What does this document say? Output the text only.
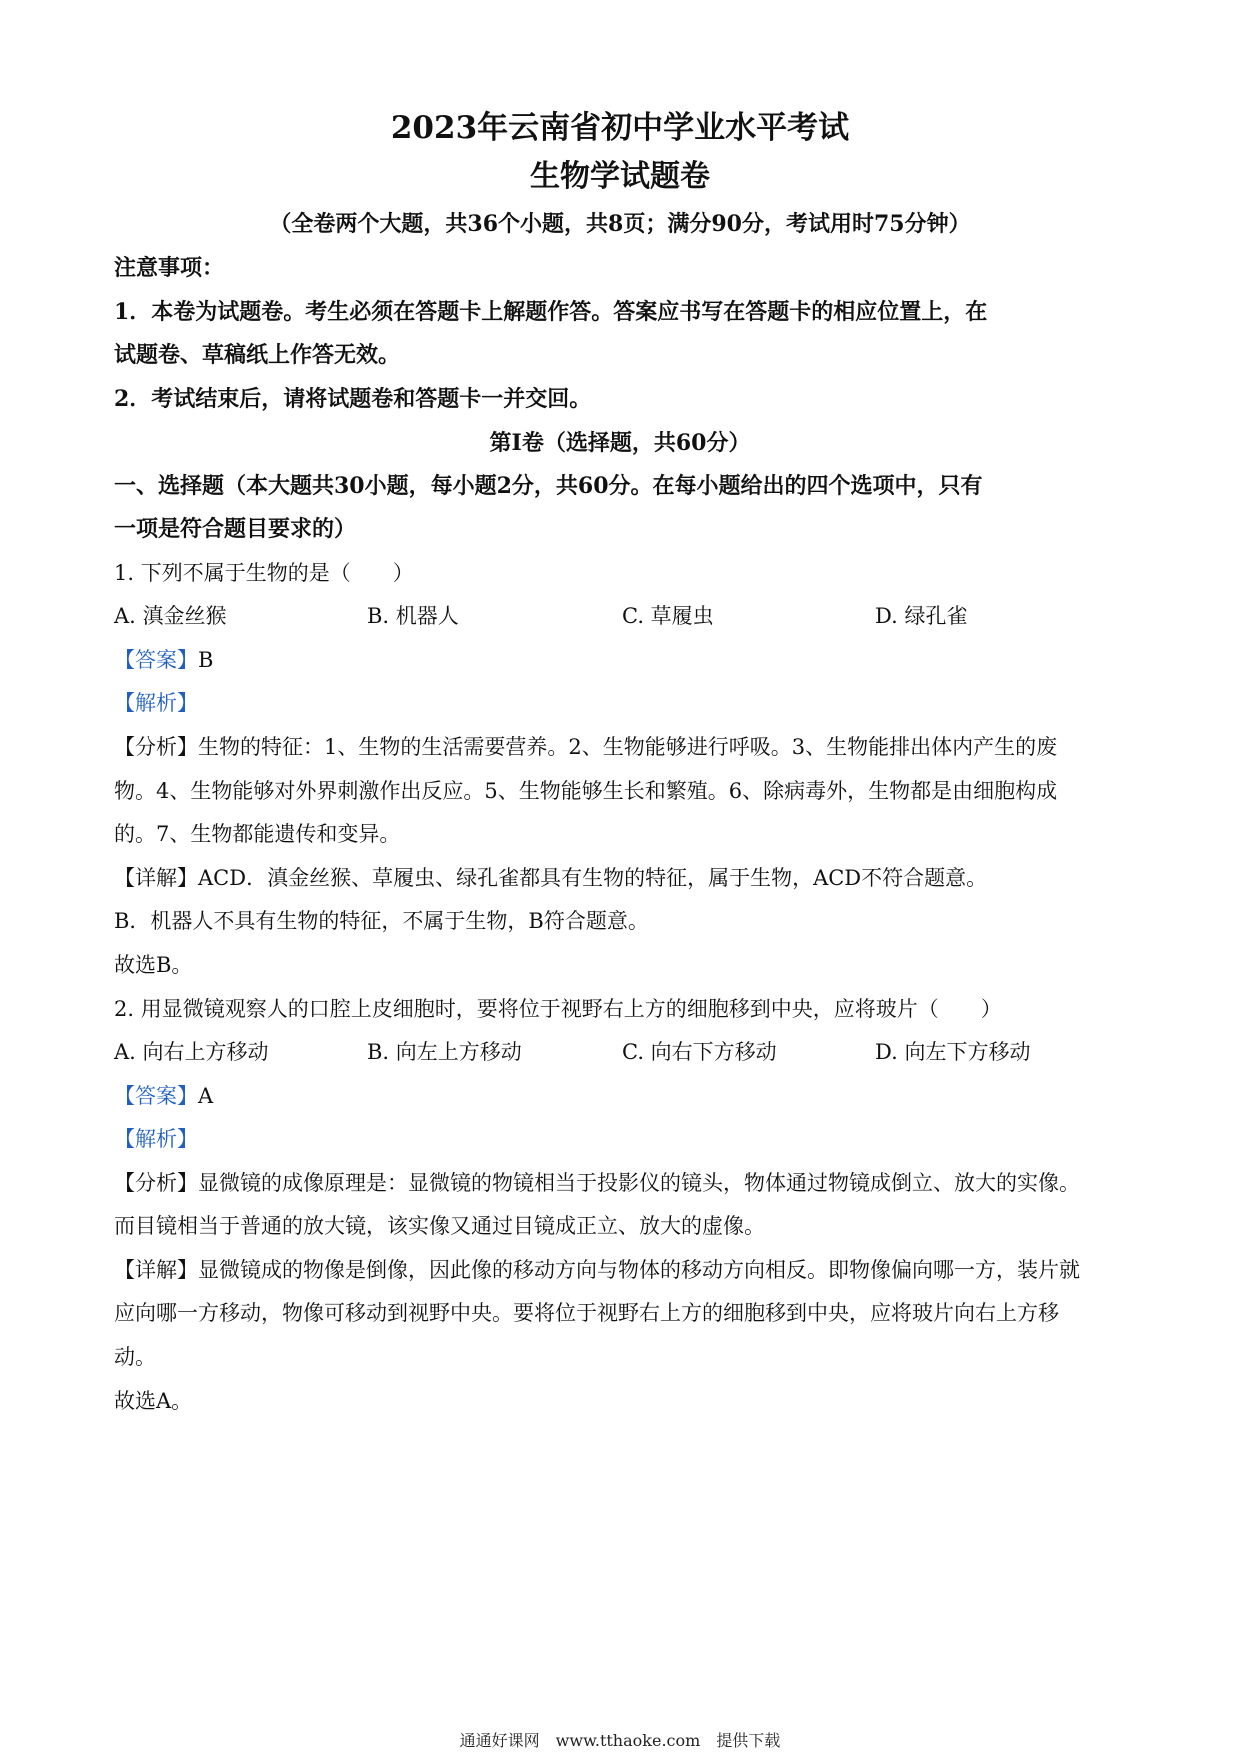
2023年云南省初中学业水平考试
生物学试题卷
（全卷两个大题，共36个小题，共8页；满分90分，考试用时75分钟）
注意事项：
1．本卷为试题卷。考生必须在答题卡上解题作答。答案应书写在答题卡的相应位置上，在
试题卷、草稿纸上作答无效。
2．考试结束后，请将试题卷和答题卡一并交回。
第I卷（选择题，共60分）
一、选择题（本大题共30小题，每小题2分，共60分。在每小题给出的四个选项中，只有
一项是符合题目要求的）
1. 下列不属于生物的是（　　）
A. 滇金丝猴	B. 机器人	C. 草履虫	D. 绿孔雀
【答案】B
【解析】
【分析】生物的特征：1、生物的生活需要营养。2、生物能够进行呼吸。3、生物能排出体内产生的废
物。4、生物能够对外界刺激作出反应。5、生物能够生长和繁殖。6、除病毒外，生物都是由细胞构成
的。7、生物都能遗传和变异。
【详解】ACD．滇金丝猴、草履虫、绿孔雀都具有生物的特征，属于生物，ACD不符合题意。
B．机器人不具有生物的特征，不属于生物，B符合题意。
故选B。
2. 用显微镜观察人的口腔上皮细胞时，要将位于视野右上方的细胞移到中央，应将玻片（　　）
A. 向右上方移动	B. 向左上方移动	C. 向右下方移动	D. 向左下方移动
【答案】A
【解析】
【分析】显微镜的成像原理是：显微镜的物镜相当于投影仪的镜头，物体通过物镜成倒立、放大的实像。
而目镜相当于普通的放大镜，该实像又通过目镜成正立、放大的虚像。
【详解】显微镜成的物像是倒像，因此像的移动方向与物体的移动方向相反。即物像偏向哪一方，装片就
应向哪一方移动，物像可移动到视野中央。要将位于视野右上方的细胞移到中央，应将玻片向右上方移
动。
故选A。
通通好课网　www.tthaoke.com　提供下载
